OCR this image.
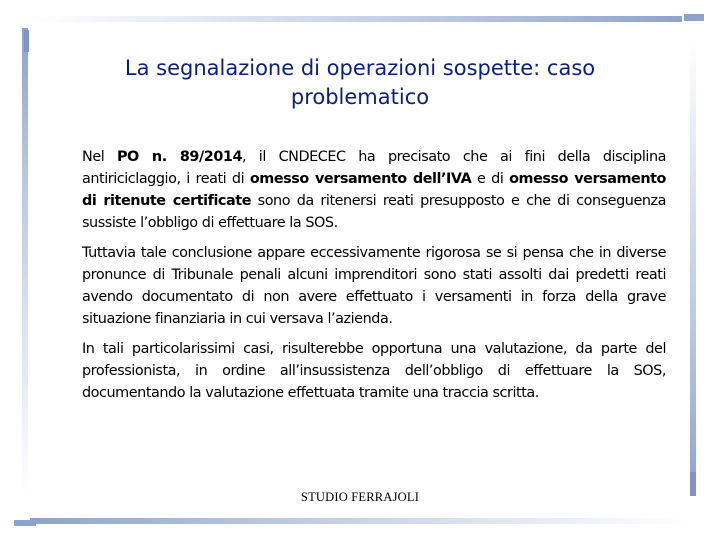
La segnalazione di operazioni sospette: caso problematico

Nel PO n. 89/2014, il CNDECEC ha precisato che ai fini della disciplina antiriciclaggio, i reati di omesso versamento dell’IVA e di omesso versamento di ritenute certificate sono da ritenersi reati presupposto e che di conseguenza sussiste l’obbligo di effettuare la SOS.

Tuttavia tale conclusione appare eccessivamente rigorosa se si pensa che in diverse pronunce di Tribunale penali alcuni imprenditori sono stati assolti dai predetti reati avendo documentato di non avere effettuato i versamenti in forza della grave situazione finanziaria in cui versava l’azienda.

In tali particolarissimi casi, risulterebbe opportuna una valutazione, da parte del professionista, in ordine all’insussistenza dell’obbligo di effettuare la SOS, documentando la valutazione effettuata tramite una traccia scritta.

STUDIO FERRAJOLI
